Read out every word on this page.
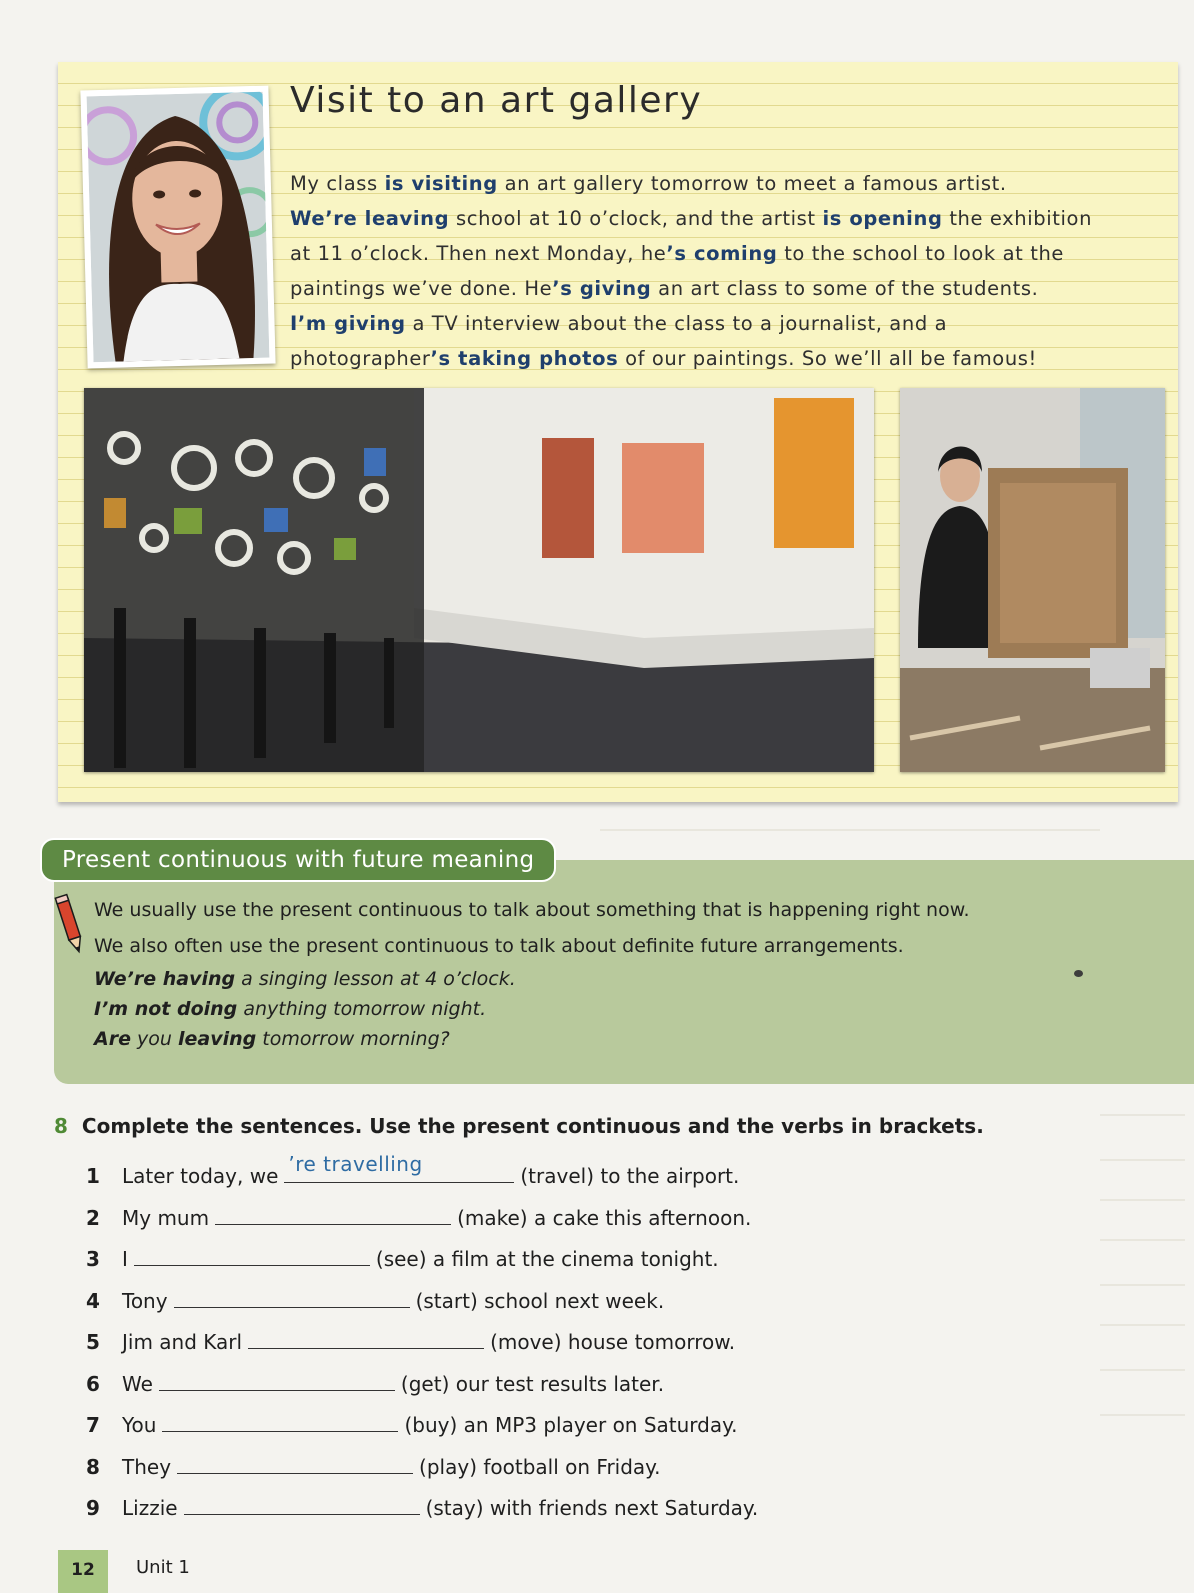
Visit to an art gallery
My class is visiting an art gallery tomorrow to meet a famous artist.
We’re leaving school at 10 o’clock, and the artist is opening the exhibition
at 11 o’clock. Then next Monday, he’s coming to the school to look at the
paintings we’ve done. He’s giving an art class to some of the students.
I’m giving a TV interview about the class to a journalist, and a
photographer’s taking photos of our paintings. So we’ll all be famous!
Present continuous with future meaning
We usually use the present continuous to talk about something that is happening right now.
We also often use the present continuous to talk about definite future arrangements.
We’re having a singing lesson at 4 o’clock.
I’m not doing anything tomorrow night.
Are you leaving tomorrow morning?
8 Complete the sentences. Use the present continuous and the verbs in brackets.
1 Later today, we ’re travelling	(travel) to the airport.
2 My mum	(make) a cake this afternoon.
3 I	(see) a film at the cinema tonight.
4 Tony	(start) school next week.
5 Jim and Karl	(move) house tomorrow.
6 We	(get) our test results later.
7 You	(buy) an MP3 player on Saturday.
8 They	(play) football on Friday.
9 Lizzie	(stay) with friends next Saturday.
12	Unit 1
